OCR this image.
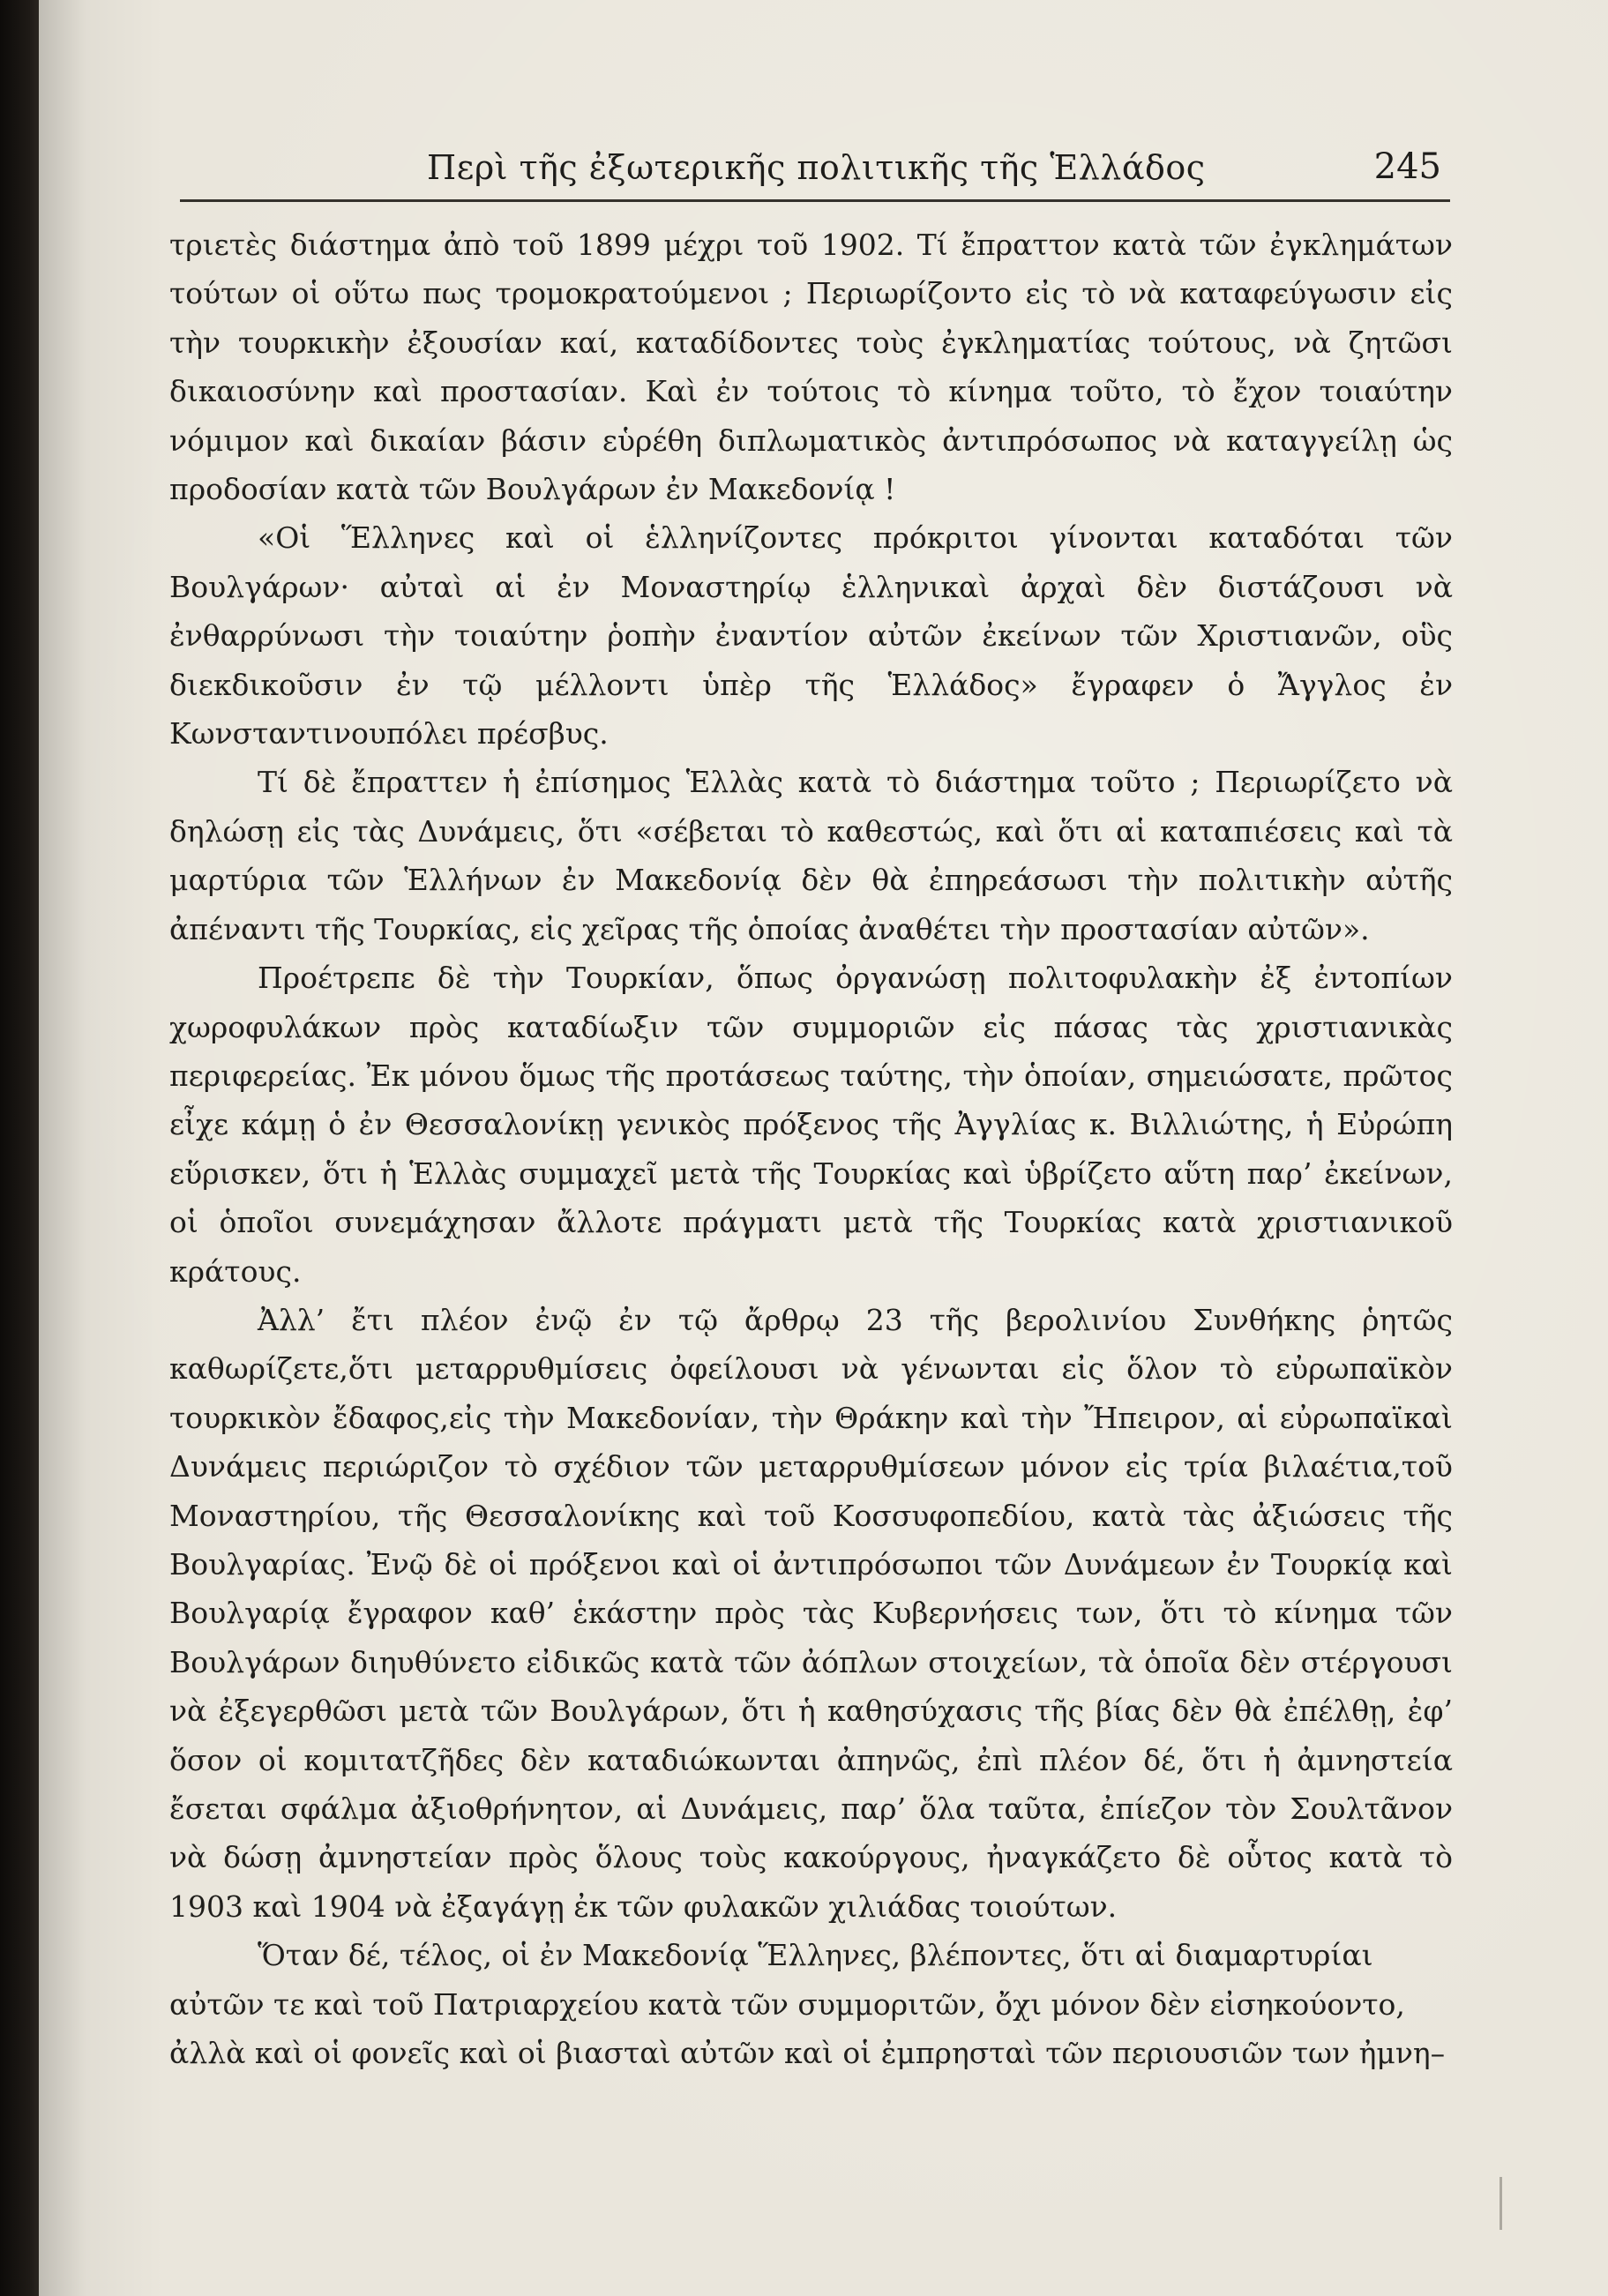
Περὶ τῆς ἐξωτερικῆς πολιτικῆς τῆς Ἑλλάδος	245

τριετὲς διάστημα ἀπὸ τοῦ 1899 μέχρι τοῦ 1902. Τί ἔπραττον κατὰ τῶν ἐγκλημάτων τούτων οἱ οὕτω πως τρομοκρατούμενοι ; Περιωρίζοντο εἰς τὸ νὰ καταφεύγωσιν εἰς τὴν τουρκικὴν ἐξουσίαν καί, καταδίδοντες τοὺς ἐγκληματίας τούτους, νὰ ζητῶσι δικαιοσύνην καὶ προστασίαν. Καὶ ἐν τούτοις τὸ κίνημα τοῦτο, τὸ ἔχον τοιαύτην νόμιμον καὶ δικαίαν βάσιν εὑρέθη διπλωματικὸς ἀντιπρόσωπος νὰ καταγγείλῃ ὡς προδοσίαν κατὰ τῶν Βουλγάρων ἐν Μακεδονίᾳ !

«Οἱ Ἕλληνες καὶ οἱ ἑλληνίζοντες πρόκριτοι γίνονται καταδόται τῶν Βουλγάρων· αὐταὶ αἱ ἐν Μοναστηρίῳ ἑλληνικαὶ ἀρχαὶ δὲν διστάζουσι νὰ ἐνθαρρύνωσι τὴν τοιαύτην ῥοπὴν ἐναντίον αὐτῶν ἐκείνων τῶν Χριστιανῶν, οὓς διεκδικοῦσιν ἐν τῷ μέλλοντι ὑπὲρ τῆς Ἑλλάδος» ἔγραφεν ὁ Ἄγγλος ἐν Κωνσταντινουπόλει πρέσβυς.

Τί δὲ ἔπραττεν ἡ ἐπίσημος Ἑλλὰς κατὰ τὸ διάστημα τοῦτο ; Περιωρίζετο νὰ δηλώσῃ εἰς τὰς Δυνάμεις, ὅτι «σέβεται τὸ καθεστώς, καὶ ὅτι αἱ καταπιέσεις καὶ τὰ μαρτύρια τῶν Ἑλλήνων ἐν Μακεδονίᾳ δὲν θὰ ἐπηρεάσωσι τὴν πολιτικὴν αὐτῆς ἀπέναντι τῆς Τουρκίας, εἰς χεῖρας τῆς ὁποίας ἀναθέτει τὴν προστασίαν αὐτῶν».

Προέτρεπε δὲ τὴν Τουρκίαν, ὅπως ὀργανώσῃ πολιτοφυλακὴν ἐξ ἐντοπίων χωροφυλάκων πρὸς καταδίωξιν τῶν συμμοριῶν εἰς πάσας τὰς χριστιανικὰς περιφερείας. Ἐκ μόνου ὅμως τῆς προτάσεως ταύτης, τὴν ὁποίαν, σημειώσατε, πρῶτος εἶχε κάμῃ ὁ ἐν Θεσσαλονίκῃ γενικὸς πρόξενος τῆς Ἀγγλίας κ. Βιλλιώτης, ἡ Εὐρώπη εὕρισκεν, ὅτι ἡ Ἑλλὰς συμμαχεῖ μετὰ τῆς Τουρκίας καὶ ὑβρίζετο αὕτη παρ’ ἐκείνων, οἱ ὁποῖοι συνεμάχησαν ἄλλοτε πράγματι μετὰ τῆς Τουρκίας κατὰ χριστιανικοῦ κράτους.

Ἀλλ’ ἔτι πλέον ἐνῷ ἐν τῷ ἄρθρῳ 23 τῆς βερολινίου Συνθήκης ῥητῶς καθωρίζετε,ὅτι μεταρρυθμίσεις ὀφείλουσι νὰ γένωνται εἰς ὅλον τὸ εὐρωπαϊκὸν τουρκικὸν ἔδαφος,εἰς τὴν Μακεδονίαν, τὴν Θράκην καὶ τὴν Ἤπειρον, αἱ εὐρωπαϊκαὶ Δυνάμεις περιώριζον τὸ σχέδιον τῶν μεταρρυθμίσεων μόνον εἰς τρία βιλαέτια,τοῦ Μοναστηρίου, τῆς Θεσσαλονίκης καὶ τοῦ Κοσσυφοπεδίου, κατὰ τὰς ἀξιώσεις τῆς Βουλγαρίας. Ἐνῷ δὲ οἱ πρόξενοι καὶ οἱ ἀντιπρόσωποι τῶν Δυνάμεων ἐν Τουρκίᾳ καὶ Βουλγαρίᾳ ἔγραφον καθ’ ἑκάστην πρὸς τὰς Κυβερνήσεις των, ὅτι τὸ κίνημα τῶν Βουλγάρων διηυθύνετο εἰδικῶς κατὰ τῶν ἀόπλων στοιχείων, τὰ ὁποῖα δὲν στέργουσι νὰ ἐξεγερθῶσι μετὰ τῶν Βουλγάρων, ὅτι ἡ καθησύχασις τῆς βίας δὲν θὰ ἐπέλθῃ, ἐφ’ ὅσον οἱ κομιτατζῆδες δὲν καταδιώκωνται ἀπηνῶς, ἐπὶ πλέον δέ, ὅτι ἡ ἀμνηστεία ἔσεται σφάλμα ἀξιοθρήνητον, αἱ Δυνάμεις, παρ’ ὅλα ταῦτα, ἐπίεζον τὸν Σουλτᾶνον νὰ δώσῃ ἀμνηστείαν πρὸς ὅλους τοὺς κακούργους, ἠναγκάζετο δὲ οὗτος κατὰ τὸ 1903 καὶ 1904 νὰ ἐξαγάγῃ ἐκ τῶν φυλακῶν χιλιάδας τοιούτων.

Ὅταν δέ, τέλος, οἱ ἐν Μακεδονίᾳ Ἕλληνες, βλέποντες, ὅτι αἱ διαμαρτυρίαι αὐτῶν τε καὶ τοῦ Πατριαρχείου κατὰ τῶν συμμοριτῶν, ὄχι μόνον δὲν εἰσηκούοντο, ἀλλὰ καὶ οἱ φονεῖς καὶ οἱ βιασταὶ αὐτῶν καὶ οἱ ἐμπρησταὶ τῶν περιουσιῶν των ἠμνη–
